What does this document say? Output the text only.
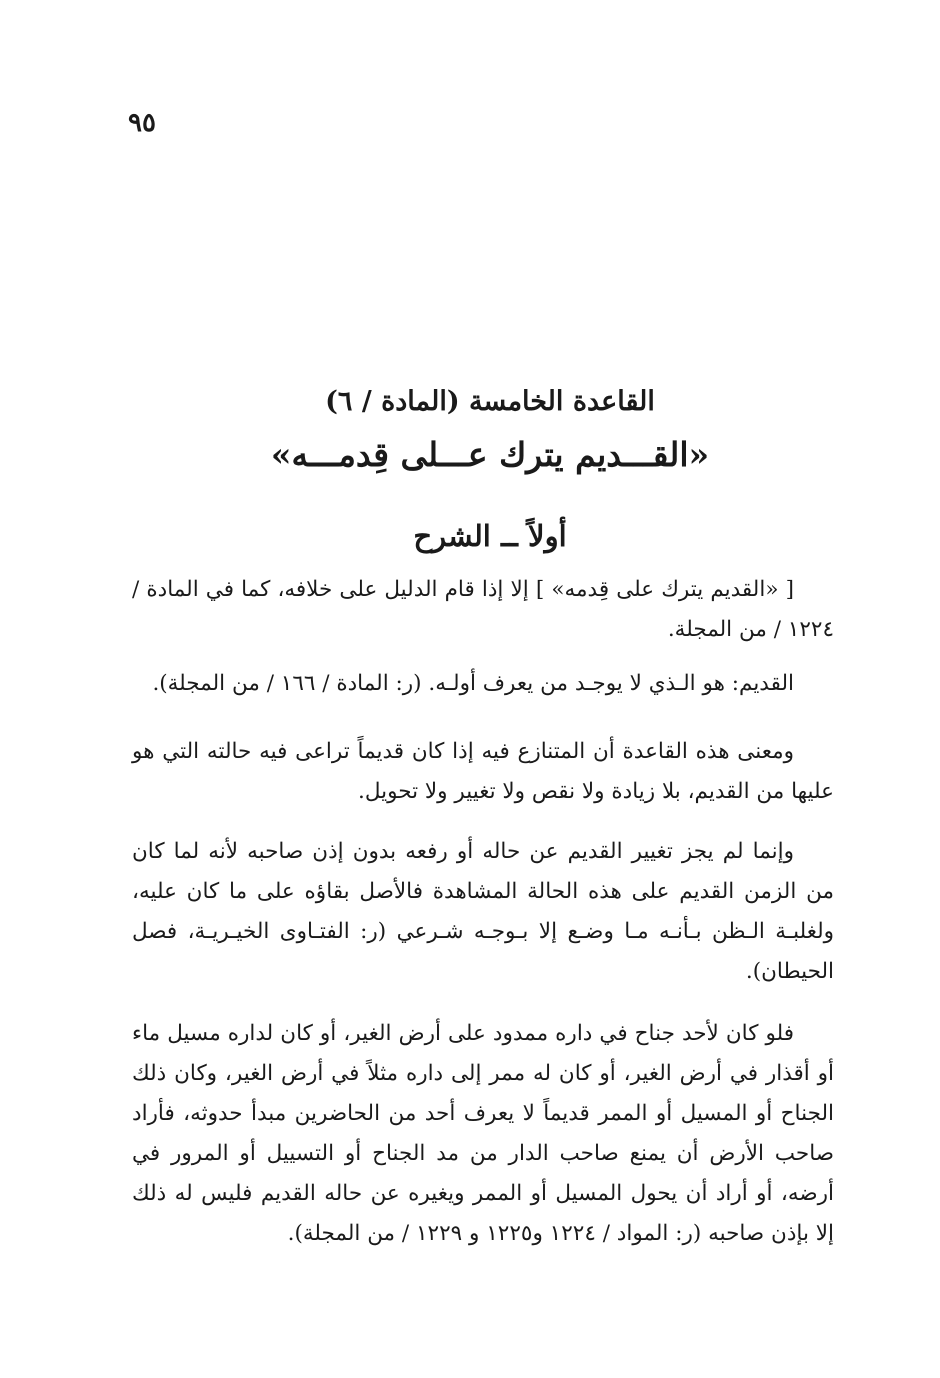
٩٥

القاعدة الخامسة (المادة / ٦)

«القـــديم يترك عـــلى قِدمـــه»

أولاً ــ الشرح

[ «القديم يترك على قِدمه» ] إلا إذا قام الدليل على خلافه، كما في المادة / ١٢٢٤ / من المجلة.

القديم: هو الـذي لا يوجـد من يعرف أولـه. (ر: المادة / ١٦٦ / من المجلة).

ومعنى هذه القاعدة أن المتنازع فيه إذا كان قديماً تراعى فيه حالته التي هو عليها من القديم، بلا زيادة ولا نقص ولا تغيير ولا تحويل.

وإنما لم يجز تغيير القديم عن حاله أو رفعه بدون إذن صاحبه لأنه لما كان من الزمن القديم على هذه الحالة المشاهدة فالأصل بقاؤه على ما كان عليه، ولغلبـة الـظن بـأنـه مـا وضـع إلا بـوجـه شـرعي (ر: الفتـاوى الخيـريـة، فصل الحيطان).

فلو كان لأحد جناح في داره ممدود على أرض الغير، أو كان لداره مسيل ماء أو أقذار في أرض الغير، أو كان له ممر إلى داره مثلاً في أرض الغير، وكان ذلك الجناح أو المسيل أو الممر قديماً لا يعرف أحد من الحاضرين مبدأ حدوثه، فأراد صاحب الأرض أن يمنع صاحب الدار من مد الجناح أو التسييل أو المرور في أرضه، أو أراد أن يحول المسيل أو الممر ويغيره عن حاله القديم فليس له ذلك إلا بإذن صاحبه (ر: المواد / ١٢٢٤ و١٢٢٥ و ١٢٢٩ / من المجلة).
